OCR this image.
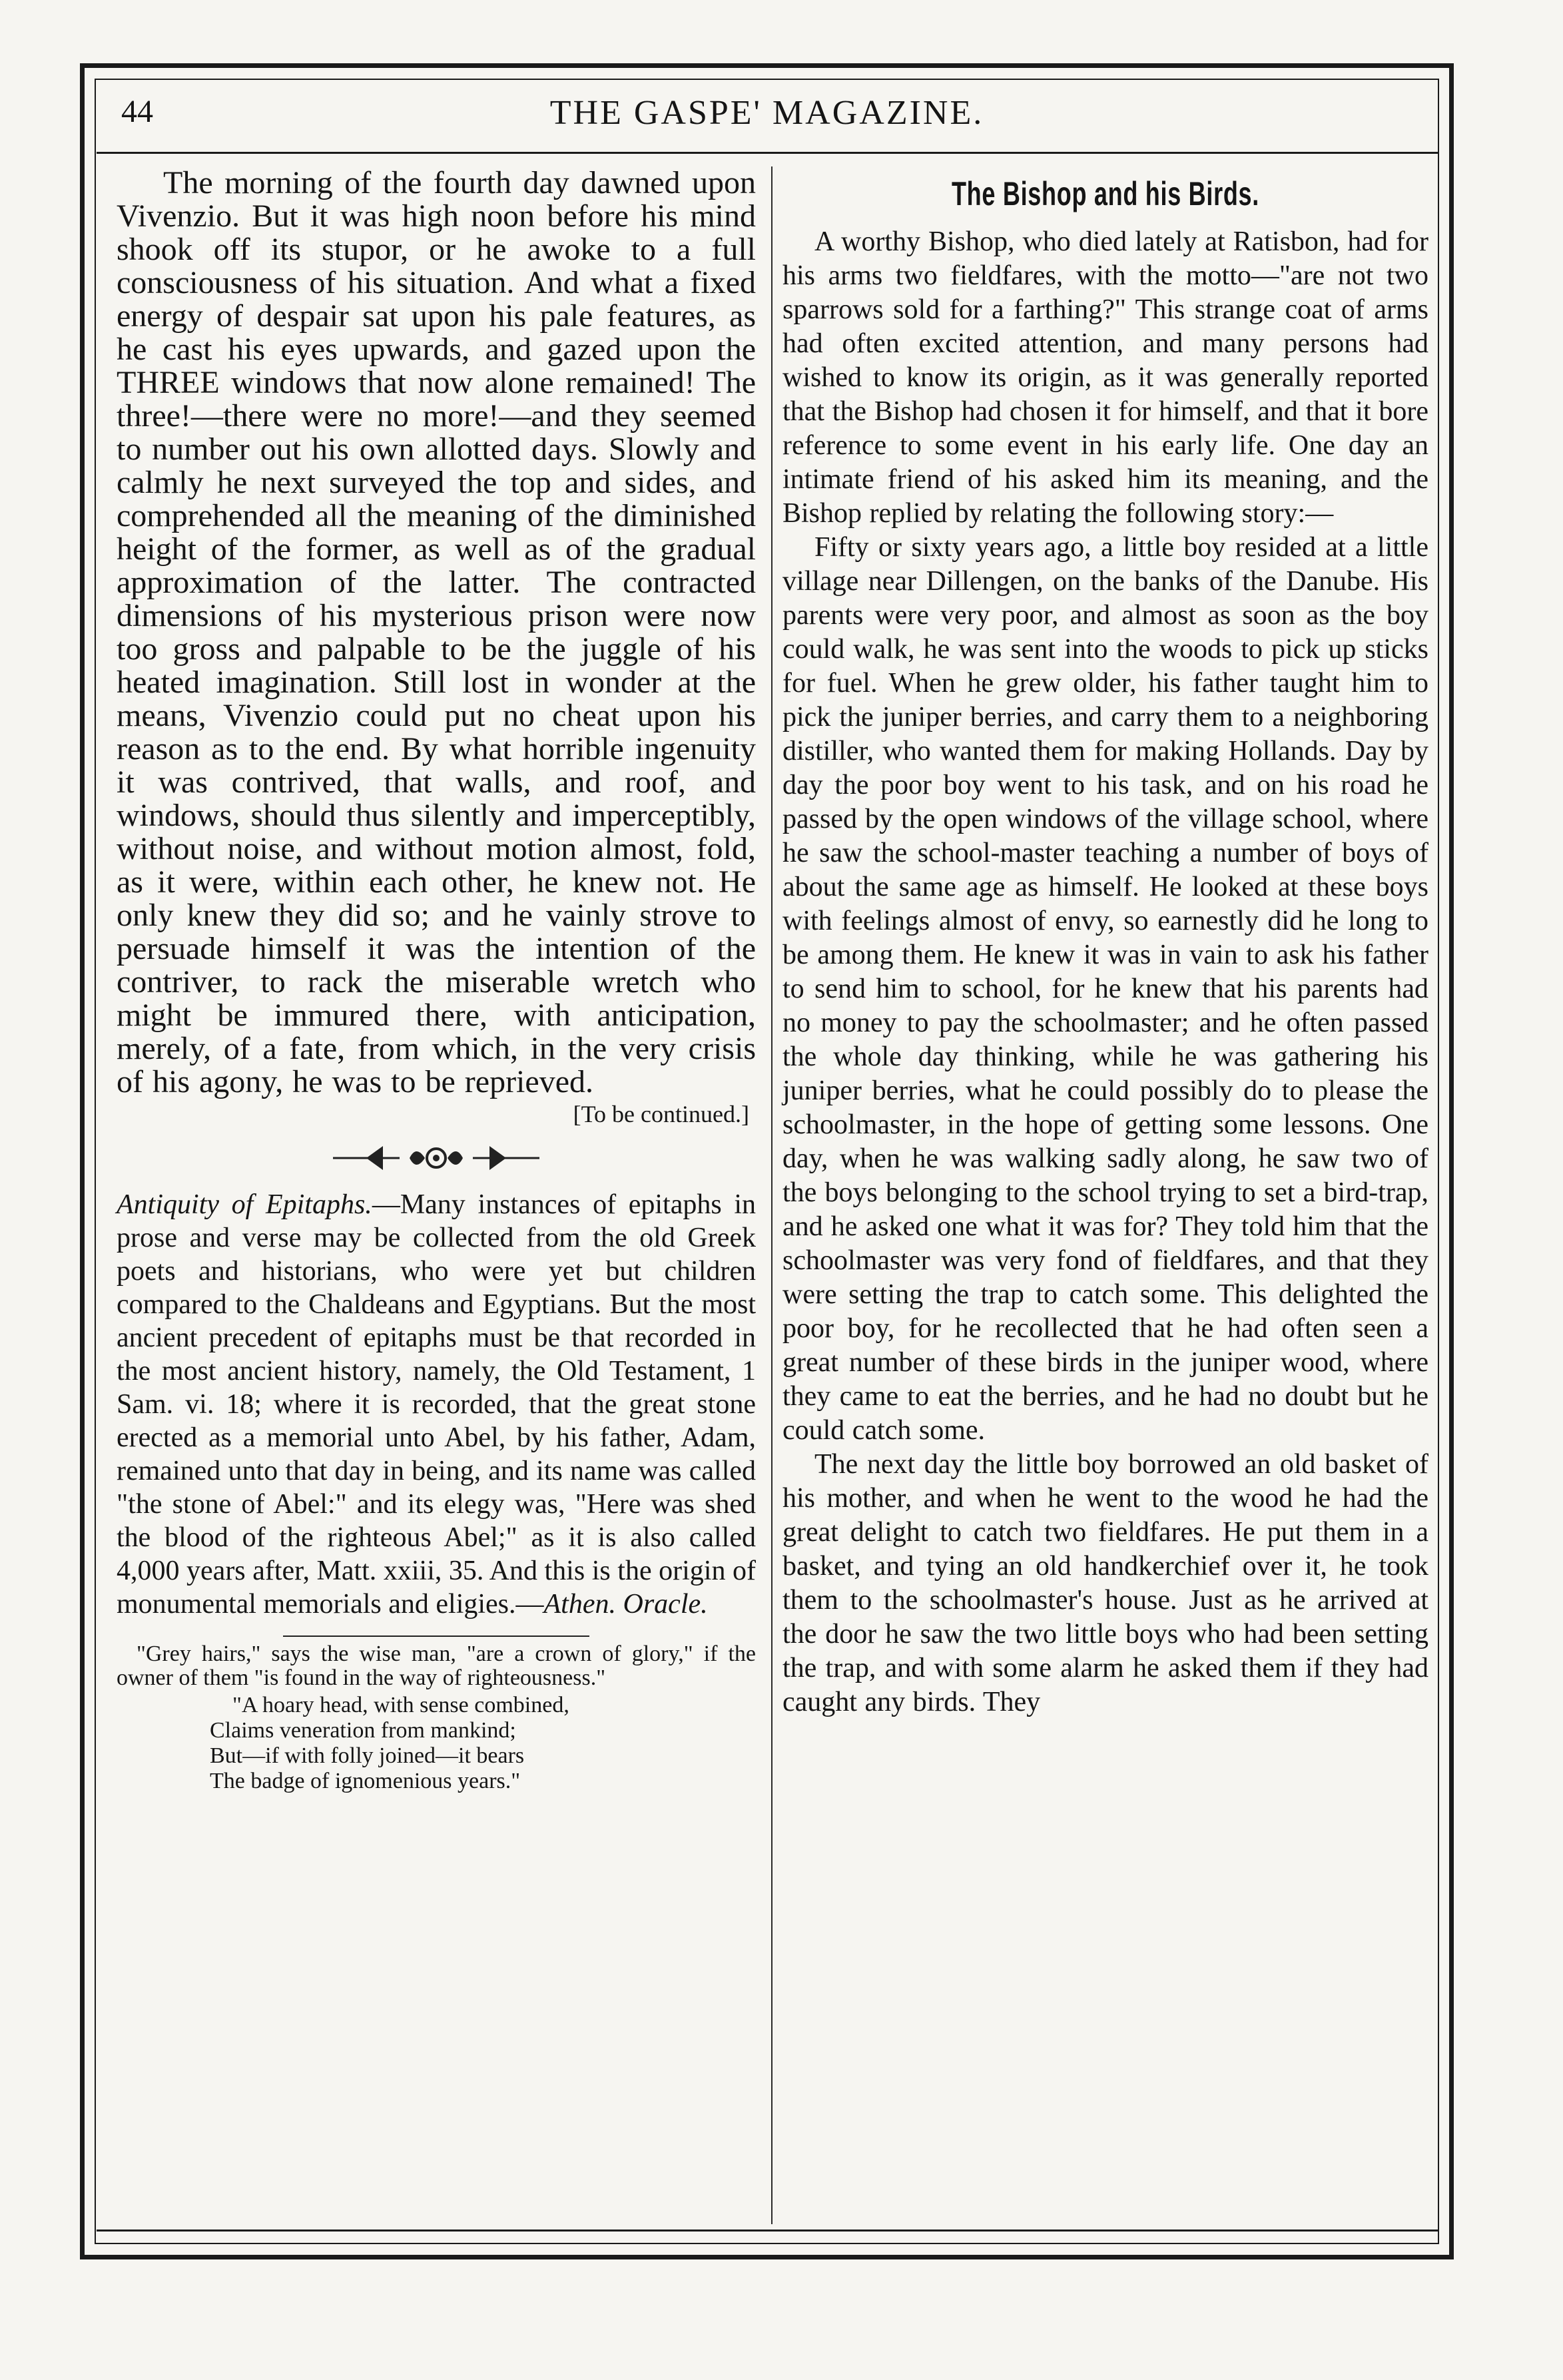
44	THE GASPE' MAGAZINE.

The morning of the fourth day dawned upon Vivenzio. But it was high noon before his mind shook off its stupor, or he awoke to a full consciousness of his situation. And what a fixed energy of despair sat upon his pale features, as he cast his eyes upwards, and gazed upon the THREE windows that now alone remained! The three!—there were no more!—and they seemed to number out his own allotted days. Slowly and calmly he next surveyed the top and sides, and comprehended all the meaning of the diminished height of the former, as well as of the gradual approximation of the latter. The contracted dimensions of his mysterious prison were now too gross and palpable to be the juggle of his heated imagination. Still lost in wonder at the means, Vivenzio could put no cheat upon his reason as to the end. By what horrible ingenuity it was contrived, that walls, and roof, and windows, should thus silently and imperceptibly, without noise, and without motion almost, fold, as it were, within each other, he knew not. He only knew they did so; and he vainly strove to persuade himself it was the intention of the contriver, to rack the miserable wretch who might be immured there, with anticipation, merely, of a fate, from which, in the very crisis of his agony, he was to be reprieved.

[To be continued.]

Antiquity of Epitaphs.—Many instances of epitaphs in prose and verse may be collected from the old Greek poets and historians, who were yet but children compared to the Chaldeans and Egyptians. But the most ancient precedent of epitaphs must be that recorded in the most ancient history, namely, the Old Testament, 1 Sam. vi. 18; where it is recorded, that the great stone erected as a memorial unto Abel, by his father, Adam, remained unto that day in being, and its name was called "the stone of Abel:" and its elegy was, "Here was shed the blood of the righteous Abel;" as it is also called 4,000 years after, Matt. xxiii, 35. And this is the origin of monumental memorials and eligies.—Athen. Oracle.

"Grey hairs," says the wise man, "are a crown of glory," if the owner of them "is found in the way of righteousness."

"A hoary head, with sense combined,
Claims veneration from mankind;
But—if with folly joined—it bears
The badge of ignomenious years."
The Bishop and his Birds.

A worthy Bishop, who died lately at Ratisbon, had for his arms two fieldfares, with the motto—"are not two sparrows sold for a farthing?" This strange coat of arms had often excited attention, and many persons had wished to know its origin, as it was generally reported that the Bishop had chosen it for himself, and that it bore reference to some event in his early life. One day an intimate friend of his asked him its meaning, and the Bishop replied by relating the following story:—

Fifty or sixty years ago, a little boy resided at a little village near Dillengen, on the banks of the Danube. His parents were very poor, and almost as soon as the boy could walk, he was sent into the woods to pick up sticks for fuel. When he grew older, his father taught him to pick the juniper berries, and carry them to a neighboring distiller, who wanted them for making Hollands. Day by day the poor boy went to his task, and on his road he passed by the open windows of the village school, where he saw the school-master teaching a number of boys of about the same age as himself. He looked at these boys with feelings almost of envy, so earnestly did he long to be among them. He knew it was in vain to ask his father to send him to school, for he knew that his parents had no money to pay the schoolmaster; and he often passed the whole day thinking, while he was gathering his juniper berries, what he could possibly do to please the schoolmaster, in the hope of getting some lessons. One day, when he was walking sadly along, he saw two of the boys belonging to the school trying to set a bird-trap, and he asked one what it was for? They told him that the schoolmaster was very fond of fieldfares, and that they were setting the trap to catch some. This delighted the poor boy, for he recollected that he had often seen a great number of these birds in the juniper wood, where they came to eat the berries, and he had no doubt but he could catch some.

The next day the little boy borrowed an old basket of his mother, and when he went to the wood he had the great delight to catch two fieldfares. He put them in a basket, and tying an old handkerchief over it, he took them to the schoolmaster's house. Just as he arrived at the door he saw the two little boys who had been setting the trap, and with some alarm he asked them if they had caught any birds. They
